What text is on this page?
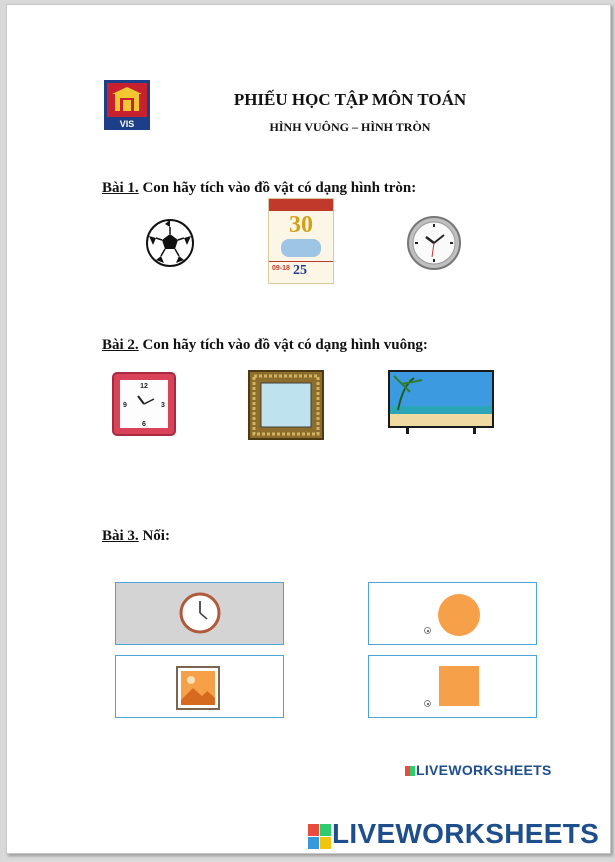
VIS
PHIẾU HỌC TẬP MÔN TOÁN
HÌNH VUÔNG – HÌNH TRÒN
Bài 1. Con hãy tích vào đồ vật có dạng hình tròn:
30
09-18 25
Bài 2. Con hãy tích vào đồ vật có dạng hình vuông:
12
3
6
9
Bài 3. Nối:
LIVEWORKSHEETS
LIVEWORKSHEETS
